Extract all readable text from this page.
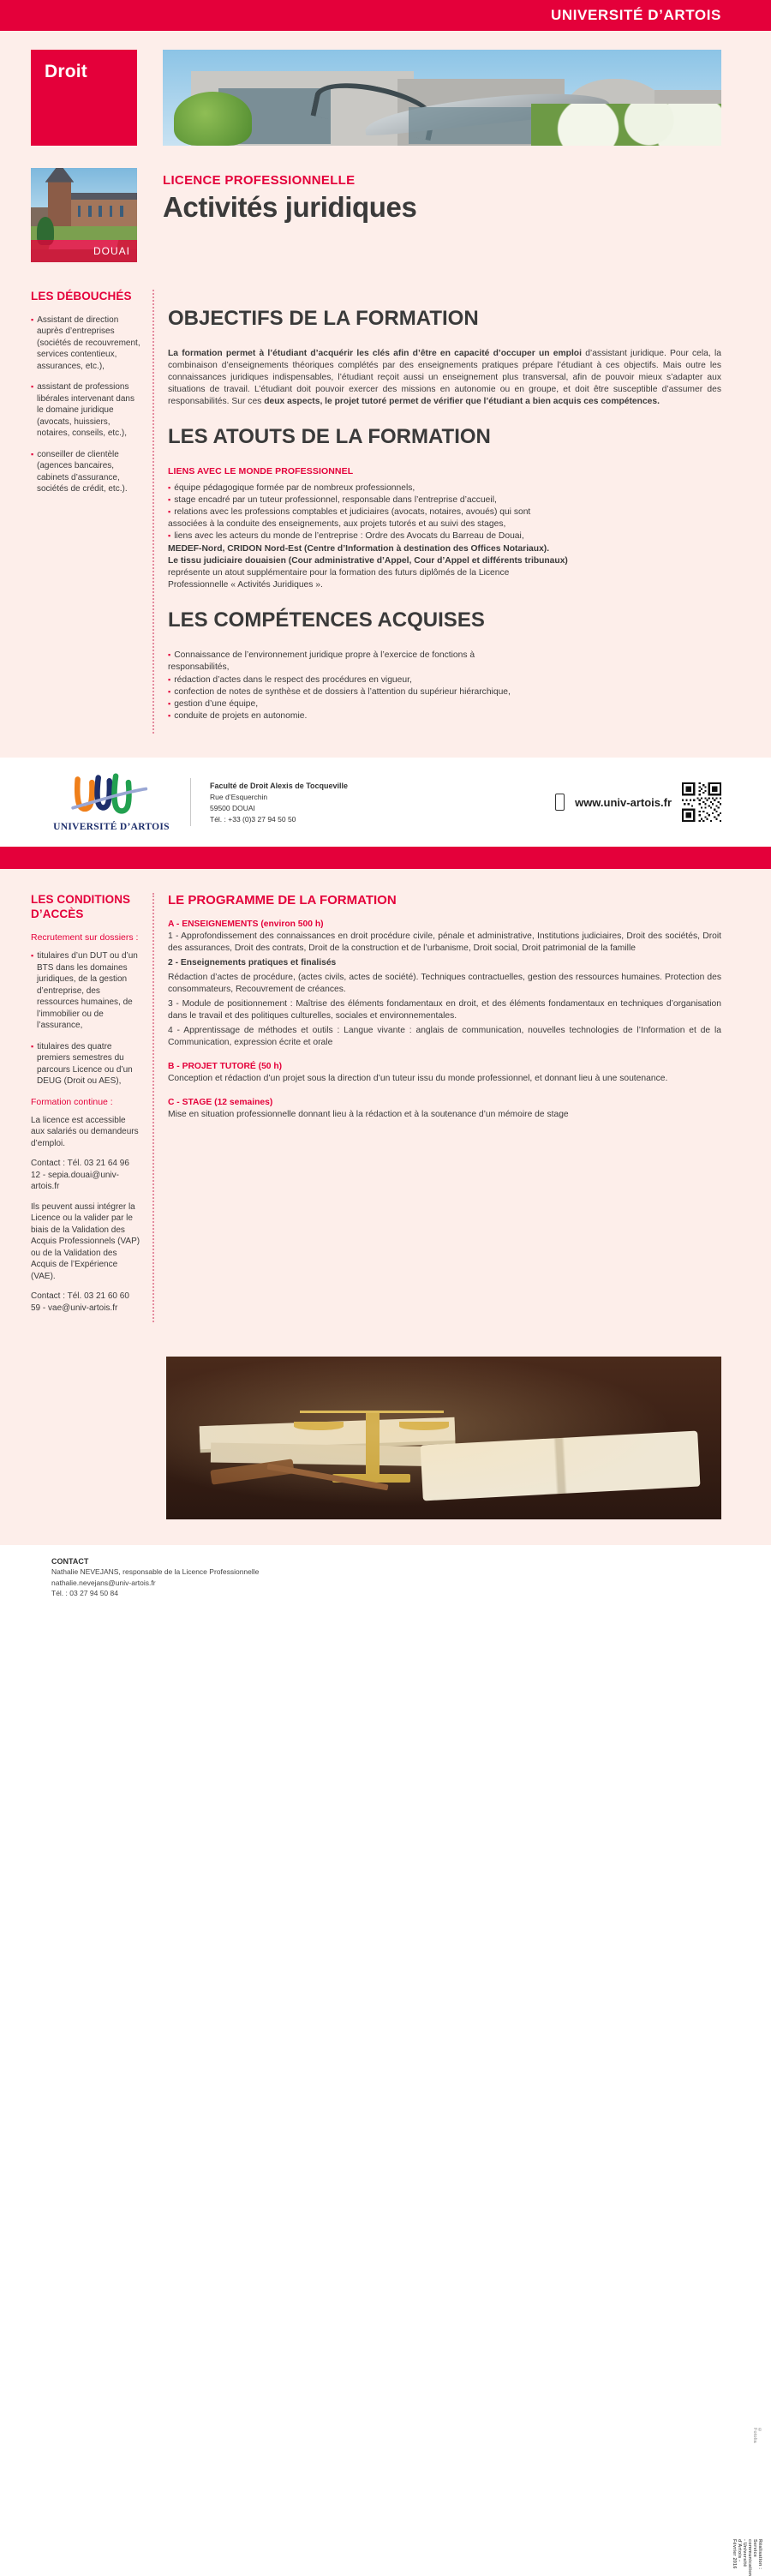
UNIVERSITÉ D’ARTOIS
Droit
DOUAI

LICENCE PROFESSIONNELLE

Activités juridiques
LES DÉBOUCHÉS

▪ Assistant de direction auprès d’entreprises (sociétés de recouvrement, services contentieux, assurances, etc.),

▪ assistant de professions libérales intervenant dans le domaine juridique (avocats, huissiers, notaires, conseils, etc.),

▪ conseiller de clientèle (agences bancaires, cabinets d’assurance, sociétés de crédit, etc.).

OBJECTIFS DE LA FORMATION

La formation permet à l’étudiant d’acquérir les clés afin d’être en capacité d’occuper un emploi d’assistant juridique. Pour cela, la combinaison d’enseignements théoriques complétés par des enseignements pratiques prépare l’étudiant à ces objectifs. Mais outre les connaissances juridiques indispensables, l’étudiant reçoit aussi un enseignement plus transversal, afin de pouvoir mieux s’adapter aux situations de travail. L’étudiant doit pouvoir exercer des missions en autonomie ou en groupe, et doit être susceptible d’assumer des responsabilités. Sur ces deux aspects, le projet tutoré permet de vérifier que l’étudiant a bien acquis ces compétences.

LES ATOUTS DE LA FORMATION
LIENS AVEC LE MONDE PROFESSIONNEL

▪ équipe pédagogique formée par de nombreux professionnels,

▪ stage encadré par un tuteur professionnel, responsable dans l’entreprise d’accueil,

▪ relations avec les professions comptables et judiciaires (avocats, notaires, avoués) qui sont

associées à la conduite des enseignements, aux projets tutorés et au suivi des stages,

▪ liens avec les acteurs du monde de l’entreprise : Ordre des Avocats du Barreau de Douai,

MEDEF-Nord, CRIDON Nord-Est (Centre d’Information à destination des Offices Notariaux).

Le tissu judiciaire douaisien (Cour administrative d’Appel, Cour d’Appel et différents tribunaux)

représente un atout supplémentaire pour la formation des futurs diplômés de la Licence

Professionnelle « Activités Juridiques ».

LES COMPÉTENCES ACQUISES

▪ Connaissance de l’environnement juridique propre à l’exercice de fonctions à

responsabilités,

▪ rédaction d’actes dans le respect des procédures en vigueur,

▪ confection de notes de synthèse et de dossiers à l’attention du supérieur hiérarchique,

▪ gestion d’une équipe,

▪ conduite de projets en autonomie.

UNIVERSITÉ D’ARTOIS
Faculté de Droit Alexis de Tocqueville
Rue d’Esquerchin
59500 DOUAI
Tél. : +33 (0)3 27 94 50 50
www.univ-artois.fr
LES CONDITIONS D’ACCÈS

Recrutement sur dossiers :

▪ titulaires d’un DUT ou d’un BTS dans les domaines juridiques, de la gestion d’entreprise, des ressources humaines, de l’immobilier ou de l’assurance,

▪ titulaires des quatre premiers semestres du parcours Licence ou d’un DEUG (Droit ou AES),

Formation continue :

La licence est accessible aux salariés ou demandeurs d’emploi.

Contact : Tél. 03 21 64 96 12 - sepia.douai@univ-artois.fr

Ils peuvent aussi intégrer la Licence ou la valider par le biais de la Validation des Acquis Professionnels (VAP) ou de la Validation des Acquis de l’Expérience (VAE).

Contact : Tél. 03 21 60 60 59 - vae@univ-artois.fr

LE PROGRAMME DE LA FORMATION

A - ENSEIGNEMENTS (environ 500 h)

1 - Approfondissement des connaissances en droit procédure civile, pénale et administrative, Institutions judiciaires, Droit des sociétés, Droit des assurances, Droit des contrats, Droit de la construction et de l’urbanisme, Droit social, Droit patrimonial de la famille

2 - Enseignements pratiques et finalisés

Rédaction d’actes de procédure, (actes civils, actes de société). Techniques contractuelles, gestion des ressources humaines. Protection des consommateurs, Recouvrement de créances.

3 - Module de positionnement : Maîtrise des éléments fondamentaux en droit, et des éléments fondamentaux en techniques d’organisation dans le travail et des politiques culturelles, sociales et environnementales.

4 - Apprentissage de méthodes et outils : Langue vivante : anglais de communication, nouvelles technologies de l’Information et de la Communication, expression écrite et orale

B - PROJET TUTORÉ (50 h)

Conception et rédaction d’un projet sous la direction d’un tuteur issu du monde professionnel, et donnant lieu à une soutenance.

C - STAGE (12 semaines)

Mise en situation professionnelle donnant lieu à la rédaction et à la soutenance d’un mémoire de stage

© Fotolia
Réalisation : Service communication - Université d’Artois - Février 2016

CONTACT

Nathalie NEVEJANS, responsable de la Licence Professionnelle

nathalie.nevejans@univ-artois.fr

Tél. : 03 27 94 50 84
